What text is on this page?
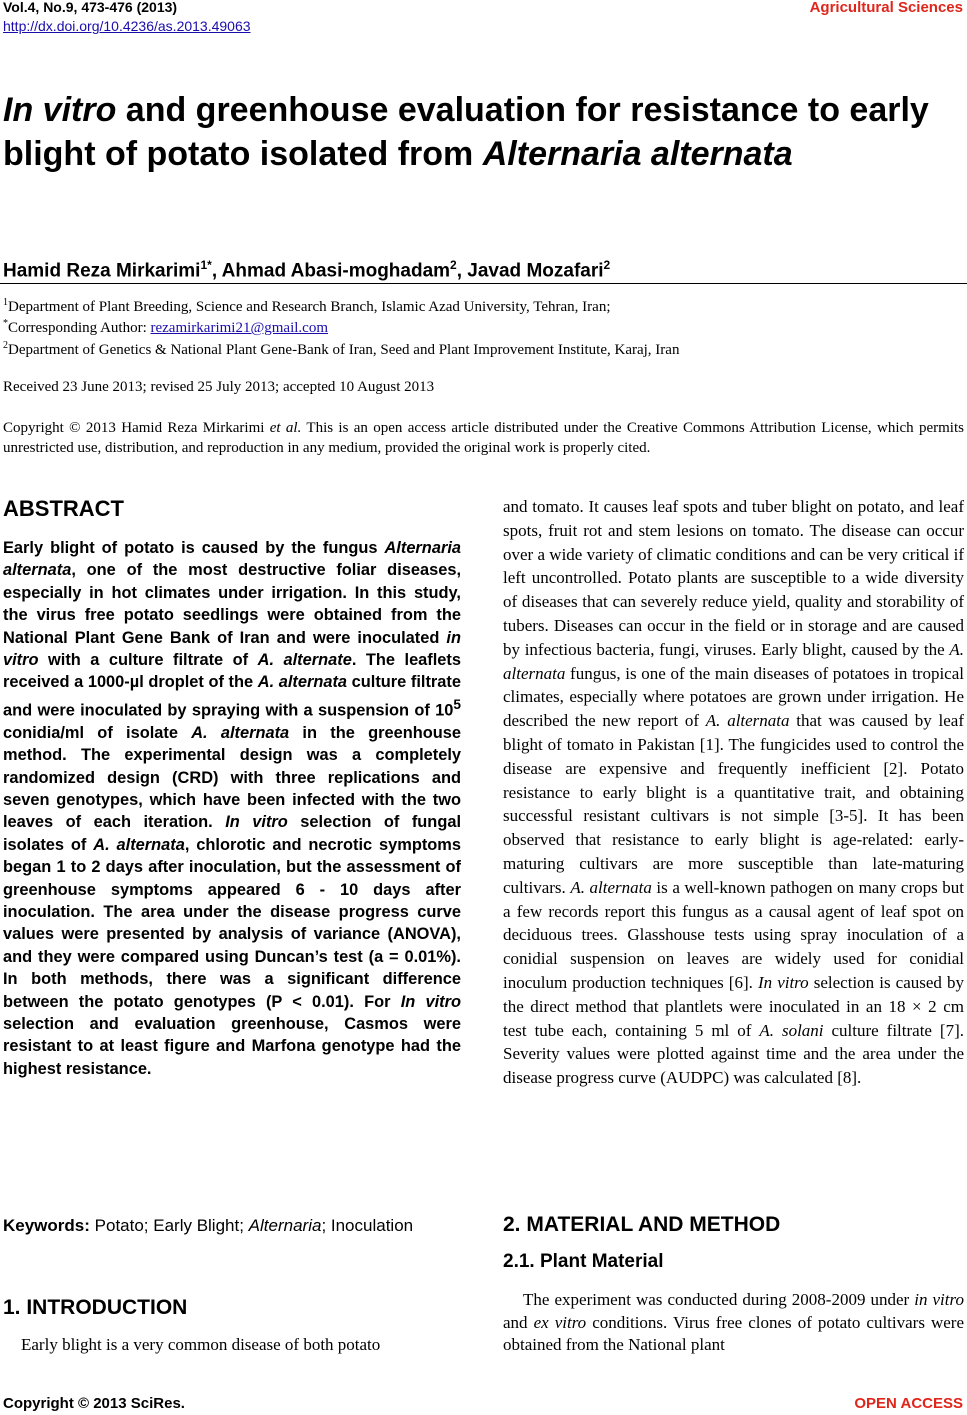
Vol.4, No.9, 473-476 (2013)
http://dx.doi.org/10.4236/as.2013.49063
Agricultural Sciences
In vitro and greenhouse evaluation for resistance to early blight of potato isolated from Alternaria alternata
Hamid Reza Mirkarimi$^{1*}$, Ahmad Abasi-moghadam$^2$, Javad Mozafari$^2$
$^1$Department of Plant Breeding, Science and Research Branch, Islamic Azad University, Tehran, Iran;
*Corresponding Author: rezamirkarimi21@gmail.com
$^2$Department of Genetics & National Plant Gene-Bank of Iran, Seed and Plant Improvement Institute, Karaj, Iran
Received 23 June 2013; revised 25 July 2013; accepted 10 August 2013
Copyright © 2013 Hamid Reza Mirkarimi et al. This is an open access article distributed under the Creative Commons Attribution License, which permits unrestricted use, distribution, and reproduction in any medium, provided the original work is properly cited.
ABSTRACT
Early blight of potato is caused by the fungus Alternaria alternata, one of the most destructive foliar diseases, especially in hot climates under irrigation. In this study, the virus free potato seedlings were obtained from the National Plant Gene Bank of Iran and were inoculated in vitro with a culture filtrate of A. alternate. The leaflets received a 1000-µl droplet of the A. alternata culture filtrate and were inoculated by spraying with a suspension of $10^5$ conidia/ml of isolate A. alternata in the greenhouse method. The experimental design was a completely randomized design (CRD) with three replications and seven genotypes, which have been infected with the two leaves of each iteration. In vitro selection of fungal isolates of A. alternata, chlorotic and necrotic symptoms began 1 to 2 days after inoculation, but the assessment of greenhouse symptoms appeared 6 - 10 days after inoculation. The area under the disease progress curve values were presented by analysis of variance (ANOVA), and they were compared using Duncan’s test (a = 0.01%). In both methods, there was a significant difference between the potato genotypes (P < 0.01). For In vitro selection and evaluation greenhouse, Casmos were resistant to at least figure and Marfona genotype had the highest resistance.
Keywords: Potato; Early Blight; Alternaria; Inoculation
1. INTRODUCTION
Early blight is a very common disease of both potato
and tomato. It causes leaf spots and tuber blight on potato, and leaf spots, fruit rot and stem lesions on tomato. The disease can occur over a wide variety of climatic conditions and can be very critical if left uncontrolled. Potato plants are susceptible to a wide diversity of diseases that can severely reduce yield, quality and storability of tubers. Diseases can occur in the field or in storage and are caused by infectious bacteria, fungi, viruses. Early blight, caused by the A. alternata fungus, is one of the main diseases of potatoes in tropical climates, especially where potatoes are grown under irrigation. He described the new report of A. alternata that was caused by leaf blight of tomato in Pakistan [1]. The fungicides used to control the disease are expensive and frequently inefficient [2]. Potato resistance to early blight is a quantitative trait, and obtaining successful resistant cultivars is not simple [3-5]. It has been observed that resistance to early blight is age-related: early-maturing cultivars are more susceptible than late-maturing cultivars. A. alternata is a well-known pathogen on many crops but a few records report this fungus as a causal agent of leaf spot on deciduous trees. Glasshouse tests using spray inoculation of a conidial suspension on leaves are widely used for conidial inoculum production techniques [6]. In vitro selection is caused by the direct method that plantlets were inoculated in an 18 × 2 cm test tube each, containing 5 ml of A. solani culture filtrate [7]. Severity values were plotted against time and the area under the disease progress curve (AUDPC) was calculated [8].
2. MATERIAL AND METHOD
2.1. Plant Material
The experiment was conducted during 2008-2009 under in vitro and ex vitro conditions. Virus free clones of potato cultivars were obtained from the National plant
Copyright © 2013 SciRes.	OPEN ACCESS
